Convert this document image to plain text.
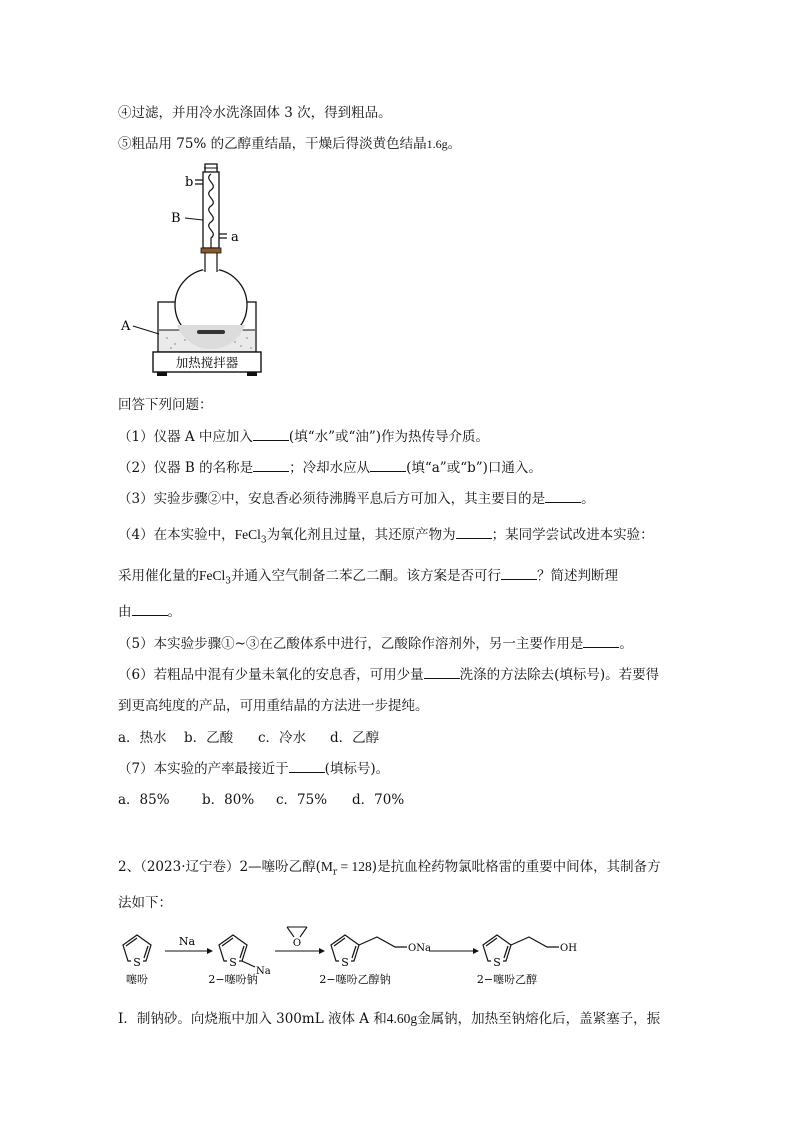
④过滤，并用冷水洗涤固体 3 次，得到粗品。
⑤粗品用 75% 的乙醇重结晶，干燥后得淡黄色结晶1.6g。
b
a
B
A
加热搅拌器
回答下列问题：
（1）仪器 A 中应加入	(填“水”或“油”)作为热传导介质。
（2）仪器 B 的名称是	；冷却水应从	(填“a”或“b”)口通入。
（3）实验步骤②中，安息香必须待沸腾平息后方可加入，其主要目的是	。
（4）在本实验中，FeCl$_3$为氧化剂且过量，其还原产物为	；某同学尝试改进本实验：
采用催化量的FeCl$_3$并通入空气制备二苯乙二酮。该方案是否可行	？简述判断理
由	。
（5）本实验步骤①~③在乙酸体系中进行，乙酸除作溶剂外，另一主要作用是	。
（6）若粗品中混有少量未氧化的安息香，可用少量	洗涤的方法除去(填标号)。若要得
到更高纯度的产品，可用重结晶的方法进一步提纯。
a．热水 b．乙酸 c．冷水 d．乙醇
（7）本实验的产率最接近于	(填标号)。
a．85% b．80% c．75% d．70%
2、（2023·辽宁卷）2—噻吩乙醇$(M_r = 128)$是抗血栓药物氯吡格雷的重要中间体，其制备方
法如下：
S
噻吩
Na
S
Na
2−噻吩钠
O
S
ONa
2−噻吩乙醇钠
S
OH
2−噻吩乙醇
Ⅰ．制钠砂。向烧瓶中加入 300mL 液体 A 和4.60g金属钠，加热至钠熔化后，盖紧塞子，振
